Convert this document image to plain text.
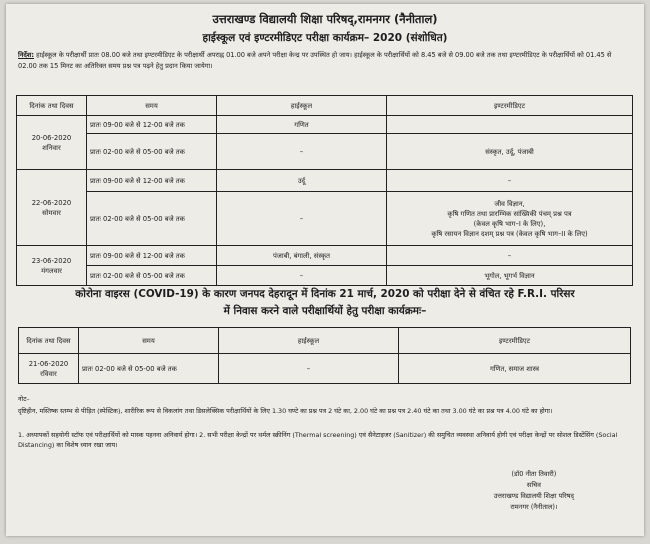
उत्तराखण्ड विद्यालयी शिक्षा परिषद्,रामनगर (नैनीताल)
हाईस्कूल एवं इण्टरमीडिएट परीक्षा कार्यक्रम– 2020 (संशोधित)
निर्देश: हाईस्कूल के परीक्षार्थी प्रातः 08.00 बजे तथा इण्टरमीडिएट के परीक्षार्थी अपराह्न 01.00 बजे अपने परीक्षा केन्द्र पर उपस्थित हो जाय। हाईस्कूल के परीक्षार्थियों को 8.45 बजे से 09.00 बजे तक तथा इण्टरमीडिएट के परीक्षार्थियों को 01.45 से 02.00 तक 15 मिनट का अतिरिक्त समय प्रश्न पत्र पढ़ने हेतु प्रदान किया जायेगा।
दिनांक तथा दिवस	समय	हाईस्कूल	इण्टरमीडिएट
20-06-2020
शनिवार	प्रातः 09-00 बजे से 12-00 बजे तक	गणित	
	प्रातः 02-00 बजे से 05-00 बजे तक	–	संस्कृत, उर्दू, पंजाबी
22-06-2020
सोमवार	प्रातः 09-00 बजे से 12-00 बजे तक	उर्दू	–
	प्रातः 02-00 बजे से 05-00 बजे तक	–	जीव विज्ञान,
कृषि गणित तथा प्रारम्भिक सांख्यिकी पंचम् प्रश्न पत्र
(केवल कृषि भाग–I के लिए),
कृषि रसायन विज्ञान दशम् प्रश्न पत्र (केवल कृषि भाग–II के लिए)
23-06-2020
मंगलवार	प्रातः 09-00 बजे से 12-00 बजे तक	पंजाबी, बंगाली, संस्कृत	–
	प्रातः 02-00 बजे से 05-00 बजे तक	–	भूगोल, भूगर्भ विज्ञान
कोरोना वाइरस (COVID-19) के कारण जनपद देहरादून में दिनांक 21 मार्च, 2020 को परीक्षा देने से वंचित रहे F.R.I. परिसर
में निवास करने वाले परीक्षार्थियों हेतु परीक्षा कार्यक्रमः–
दिनांक तथा दिवस	समय	हाईस्कूल	इण्टरमीडिएट
21-06-2020
रविवार	प्रातः 02-00 बजे से 05-00 बजे तक	–	गणित, समाज शास्त्र
नोट–
दृष्टिहीन, मस्तिष्क स्तम्भ से पीड़ित (स्पेस्टिक), शारीरिक रूप से विकलांग तथा डिसलेक्सिक परीक्षार्थियों के लिए 1.30 घण्टे का प्रश्न पत्र 2 घंटे का, 2.00 घंटे का प्रश्न पत्र 2.40 घंटे का तथा 3.00 घंटे का प्रश्न पत्र 4.00 घंटे का होगा।
1. अध्यापकों सहयोगी स्टॉफ एवं परीक्षार्थियों को मास्क पहनना अनिवार्य होगा। 2. सभी परीक्षा केन्द्रों पर थर्मल स्क्रीनिंग (Thermal screening) एवं सैनेटाइजर (Sanitizer) की समुचित व्यवस्था अनिवार्य होगी एवं परीक्षा केन्द्रों पर सोशल डिस्टेंसिंग (Social Distancing) का विशेष ध्यान रखा जाय।
(डॉ0 नीता तिवारी)
सचिव
उत्तराखण्ड विद्यालयी शिक्षा परिषद्
रामनगर (नैनीताल)।
